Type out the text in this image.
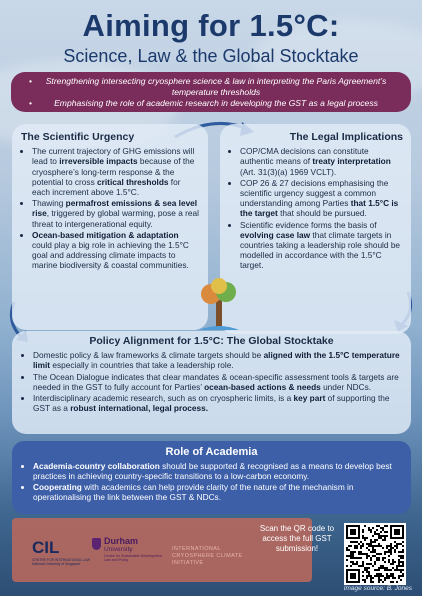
Aiming for 1.5°C:
Science, Law & the Global Stocktake
• Strengthening intersecting cryosphere science & law in interpreting the Paris Agreement’s temperature thresholds
• Emphasising the role of academic research in developing the GST as a legal process
The Scientific Urgency
• The current trajectory of GHG emissions will lead to irreversible impacts because of the cryosphere’s long-term response & the potential to cross critical thresholds for each increment above 1.5°C.
• Thawing permafrost emissions & sea level rise, triggered by global warming, pose a real threat to intergenerational equity.
• Ocean-based mitigation & adaptation could play a big role in achieving the 1.5°C goal and addressing climate impacts to marine biodiversity & coastal communities.
The Legal Implications
• COP/CMA decisions can constitute authentic means of treaty interpretation (Art. 31(3)(a) 1969 VCLT).
• COP 26 & 27 decisions emphasising the scientific urgency suggest a common understanding among Parties that 1.5°C is the target that should be pursued.
• Scientific evidence forms the basis of evolving case law that climate targets in countries taking a leadership role should be modelled in accordance with the 1.5°C target.
Policy Alignment for 1.5°C: The Global Stocktake
• Domestic policy & law frameworks & climate targets should be aligned with the 1.5°C temperature limit especially in countries that take a leadership role.
• The Ocean Dialogue indicates that clear mandates & ocean-specific assessment tools & targets are needed in the GST to fully account for Parties’ ocean-based actions & needs under NDCs.
• Interdisciplinary academic research, such as on cryospheric limits, is a key part of supporting the GST as a robust international, legal process.
Role of Academia
• Academia-country collaboration should be supported & recognised as a means to develop best practices in achieving country-specific transitions to a low-carbon economy.
• Cooperating with academics can help provide clarity of the nature of the mechanism in operationalising the link between the GST & NDCs.
CIL
CENTRE FOR INTERNATIONAL LAW National University of Singapore
Durham
University
Centre for Sustainable Development Law and Policy
INTERNATIONAL CRYOSPHERE CLIMATE INITIATIVE
Scan the QR code to access the full GST submission!
Image source: B. Jones
